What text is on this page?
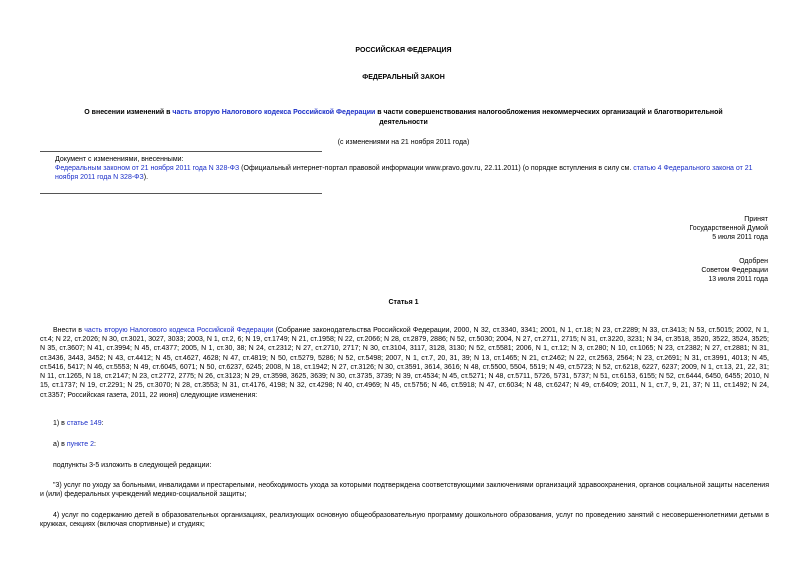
РОССИЙСКАЯ ФЕДЕРАЦИЯ
ФЕДЕРАЛЬНЫЙ ЗАКОН
О внесении изменений в часть вторую Налогового кодекса Российской Федерации в части совершенствования налогообложения некоммерческих организаций и благотворительной деятельности
(с изменениями на 21 ноября 2011 года)
Документ с изменениями, внесенными:
Федеральным законом от 21 ноября 2011 года N 328-ФЗ (Официальный интернет-портал правовой информации www.pravo.gov.ru, 22.11.2011) (о порядке вступления в силу см. статью 4 Федерального закона от 21 ноября 2011 года N 328-ФЗ).
Принят
Государственной Думой
5 июля 2011 года
Одобрен
Советом Федерации
13 июля 2011 года
Статья 1
Внести в часть вторую Налогового кодекса Российской Федерации (Собрание законодательства Российской Федерации, 2000, N 32, ст.3340, 3341; 2001, N 1, ст.18; N 23, ст.2289; N 33, ст.3413; N 53, ст.5015; 2002, N 1, ст.4; N 22, ст.2026; N 30, ст.3021, 3027, 3033; 2003, N 1, ст.2, 6; N 19, ст.1749; N 21, ст.1958; N 22, ст.2066; N 28, ст.2879, 2886; N 52, ст.5030; 2004, N 27, ст.2711, 2715; N 31, ст.3220, 3231; N 34, ст.3518, 3520, 3522, 3524, 3525; N 35, ст.3607; N 41, ст.3994; N 45, ст.4377; 2005, N 1, ст.30, 38; N 24, ст.2312; N 27, ст.2710, 2717; N 30, ст.3104, 3117, 3128, 3130; N 52, ст.5581; 2006, N 1, ст.12; N 3, ст.280; N 10, ст.1065; N 23, ст.2382; N 27, ст.2881; N 31, ст.3436, 3443, 3452; N 43, ст.4412; N 45, ст.4627, 4628; N 47, ст.4819; N 50, ст.5279, 5286; N 52, ст.5498; 2007, N 1, ст.7, 20, 31, 39; N 13, ст.1465; N 21, ст.2462; N 22, ст.2563, 2564; N 23, ст.2691; N 31, ст.3991, 4013; N 45, ст.5416, 5417; N 46, ст.5553; N 49, ст.6045, 6071; N 50, ст.6237, 6245; 2008, N 18, ст.1942; N 27, ст.3126; N 30, ст.3591, 3614, 3616; N 48, ст.5500, 5504, 5519; N 49, ст.5723; N 52, ст.6218, 6227, 6237; 2009, N 1, ст.13, 21, 22, 31; N 11, ст.1265, N 18, ст.2147; N 23, ст.2772, 2775; N 26, ст.3123; N 29, ст.3598, 3625, 3639; N 30, ст.3735, 3739; N 39, ст.4534; N 45, ст.5271; N 48, ст.5711, 5726, 5731, 5737; N 51, ст.6153, 6155; N 52, ст.6444, 6450, 6455; 2010, N 15, ст.1737; N 19, ст.2291; N 25, ст.3070; N 28, ст.3553; N 31, ст.4176, 4198; N 32, ст.4298; N 40, ст.4969; N 45, ст.5756; N 46, ст.5918; N 47, ст.6034; N 48, ст.6247; N 49, ст.6409; 2011, N 1, ст.7, 9, 21, 37; N 11, ст.1492; N 24, ст.3357; Российская газета, 2011, 22 июня) следующие изменения:
1) в статье 149:
а) в пункте 2:
подпункты 3-5 изложить в следующей редакции:
"3) услуг по уходу за больными, инвалидами и престарелыми, необходимость ухода за которыми подтверждена соответствующими заключениями организаций здравоохранения, органов социальной защиты населения и (или) федеральных учреждений медико-социальной защиты;
4) услуг по содержанию детей в образовательных организациях, реализующих основную общеобразовательную программу дошкольного образования, услуг по проведению занятий с несовершеннолетними детьми в кружках, секциях (включая спортивные) и студиях;
